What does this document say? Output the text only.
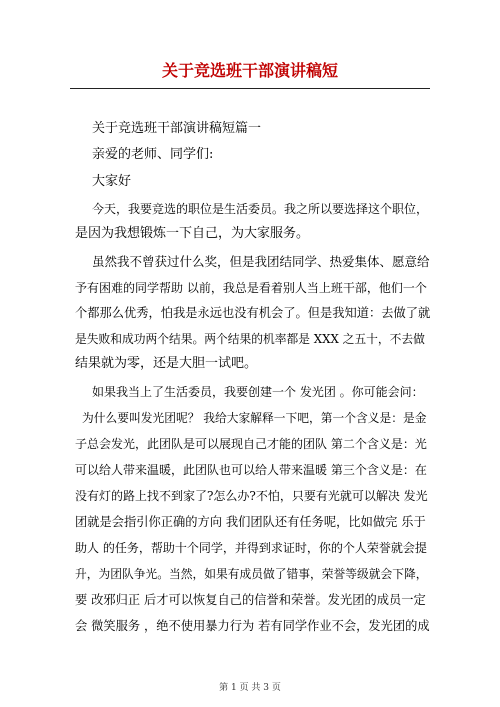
关于竞选班干部演讲稿短
关于竞选班干部演讲稿短篇一
亲爱的老师、同学们:
大家好
今天，我要竞选的职位是生活委员。我之所以要选择这个职位，
是因为我想锻炼一下自己，为大家服务。
虽然我不曾获过什么奖，但是我团结同学、热爱集体、愿意给
予有困难的同学帮助 以前，我总是看着别人当上班干部，他们一个
个都那么优秀，怕我是永远也没有机会了。但是我知道：去做了就
是失败和成功两个结果。两个结果的机率都是 XXX 之五十，不去做
结果就为零，还是大胆一试吧。
如果我当上了生活委员，我要创建一个 发光团 。你可能会问：
为什么要叫发光团呢？ 我给大家解释一下吧，第一个含义是：是金
子总会发光，此团队是可以展现自己才能的团队 第二个含义是：光
可以给人带来温暖，此团队也可以给人带来温暖 第三个含义是：在
没有灯的路上找不到家了?怎么办?不怕，只要有光就可以解决 发光
团就是会指引你正确的方向 我们团队还有任务呢，比如做完 乐于
助人 的任务，帮助十个同学，并得到求证时，你的个人荣誉就会提
升，为团队争光。当然，如果有成员做了错事，荣誉等级就会下降，
要 改邪归正 后才可以恢复自己的信誉和荣誉。发光团的成员一定
会 微笑服务 ，绝不使用暴力行为 若有同学作业不会，发光团的成
第 1 页 共 3 页
